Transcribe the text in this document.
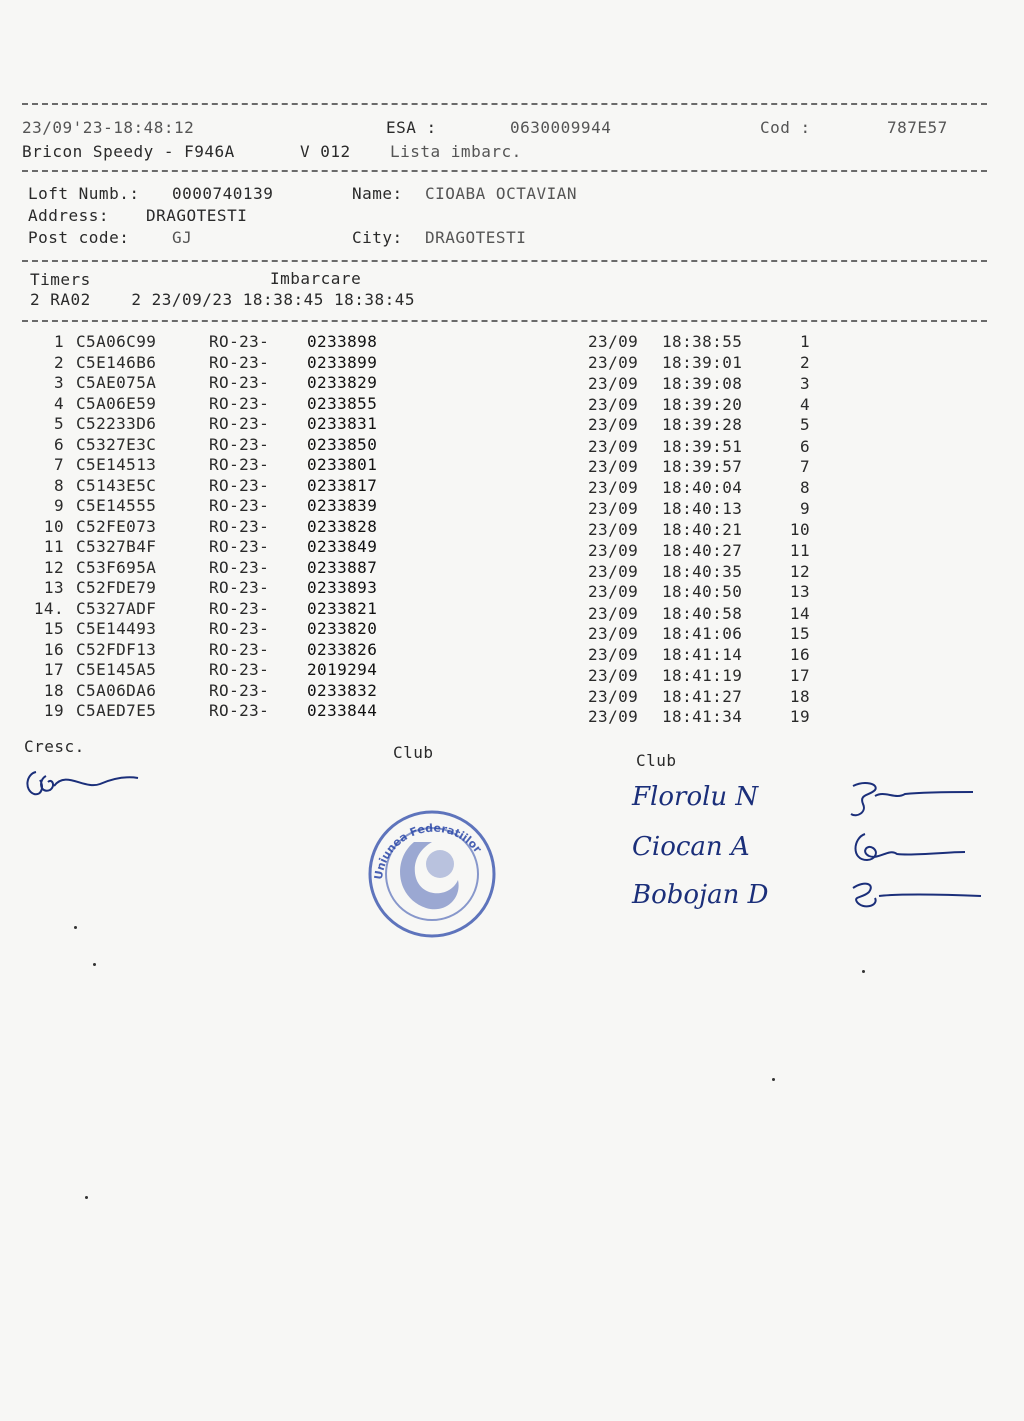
23/09'23-18:48:12	ESA :	0630009944	Cod :	787E57
Bricon Speedy - F946A	V 012 Lista imbarc.
Loft Numb.: 0000740139	Name: CIOABA OCTAVIAN
Address: DRAGOTESTI
Post code:	GJ	City: DRAGOTESTI
Timers	Imbarcare
2 RA02    2 23/09/23 18:38:45 18:38:45
1 C5A06C99	RO-23- 0233898	23/09 18:38:55	1
2 C5E146B6	RO-23- 0233899	23/09 18:39:01	2
3 C5AE075A	RO-23- 0233829	23/09 18:39:08	3
4 C5A06E59	RO-23- 0233855	23/09 18:39:20	4
5 C52233D6	RO-23- 0233831	23/09 18:39:28	5
6 C5327E3C	RO-23- 0233850	23/09 18:39:51	6
7 C5E14513	RO-23- 0233801	23/09 18:39:57	7
8 C5143E5C	RO-23- 0233817	23/09 18:40:04	8
9 C5E14555	RO-23- 0233839	23/09 18:40:13	9
10 C52FE073	RO-23- 0233828	23/09 18:40:21	10
11 C5327B4F	RO-23- 0233849	23/09 18:40:27	11
12 C53F695A	RO-23- 0233887	23/09 18:40:35	12
13 C52FDE79	RO-23- 0233893	23/09 18:40:50	13
14. C5327ADF	RO-23- 0233821	23/09 18:40:58	14
15 C5E14493	RO-23- 0233820	23/09 18:41:06	15
16 C52FDF13	RO-23- 0233826	23/09 18:41:14	16
17 C5E145A5	RO-23- 2019294	23/09 18:41:19	17
18 C5A06DA6	RO-23- 0233832	23/09 18:41:27	18
19 C5AED7E5	RO-23- 0233844	23/09 18:41:34	19
Cresc.	Club	Club
Uniunea Federatiilor
Florolu N
Ciocan A
Bobojan D
